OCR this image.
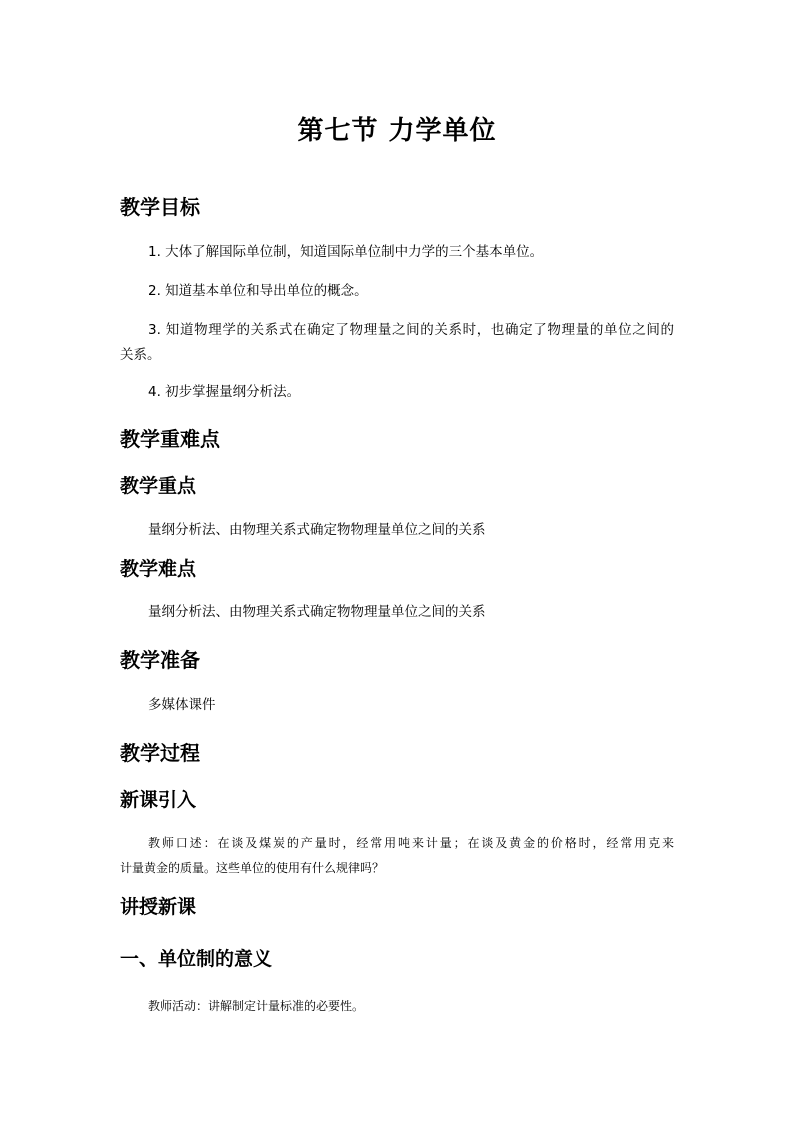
第七节 力学单位
教学目标
1. 大体了解国际单位制，知道国际单位制中力学的三个基本单位。
2. 知道基本单位和导出单位的概念。
3. 知道物理学的关系式在确定了物理量之间的关系时，也确定了物理量的单位之间的
关系。
4. 初步掌握量纲分析法。
教学重难点
教学重点
量纲分析法、由物理关系式确定物物理量单位之间的关系
教学难点
量纲分析法、由物理关系式确定物物理量单位之间的关系
教学准备
多媒体课件
教学过程
新课引入
教师口述：在谈及煤炭的产量时，经常用吨来计量；在谈及黄金的价格时，经常用克来
计量黄金的质量。这些单位的使用有什么规律吗？
讲授新课
一、单位制的意义
教师活动：讲解制定计量标准的必要性。
